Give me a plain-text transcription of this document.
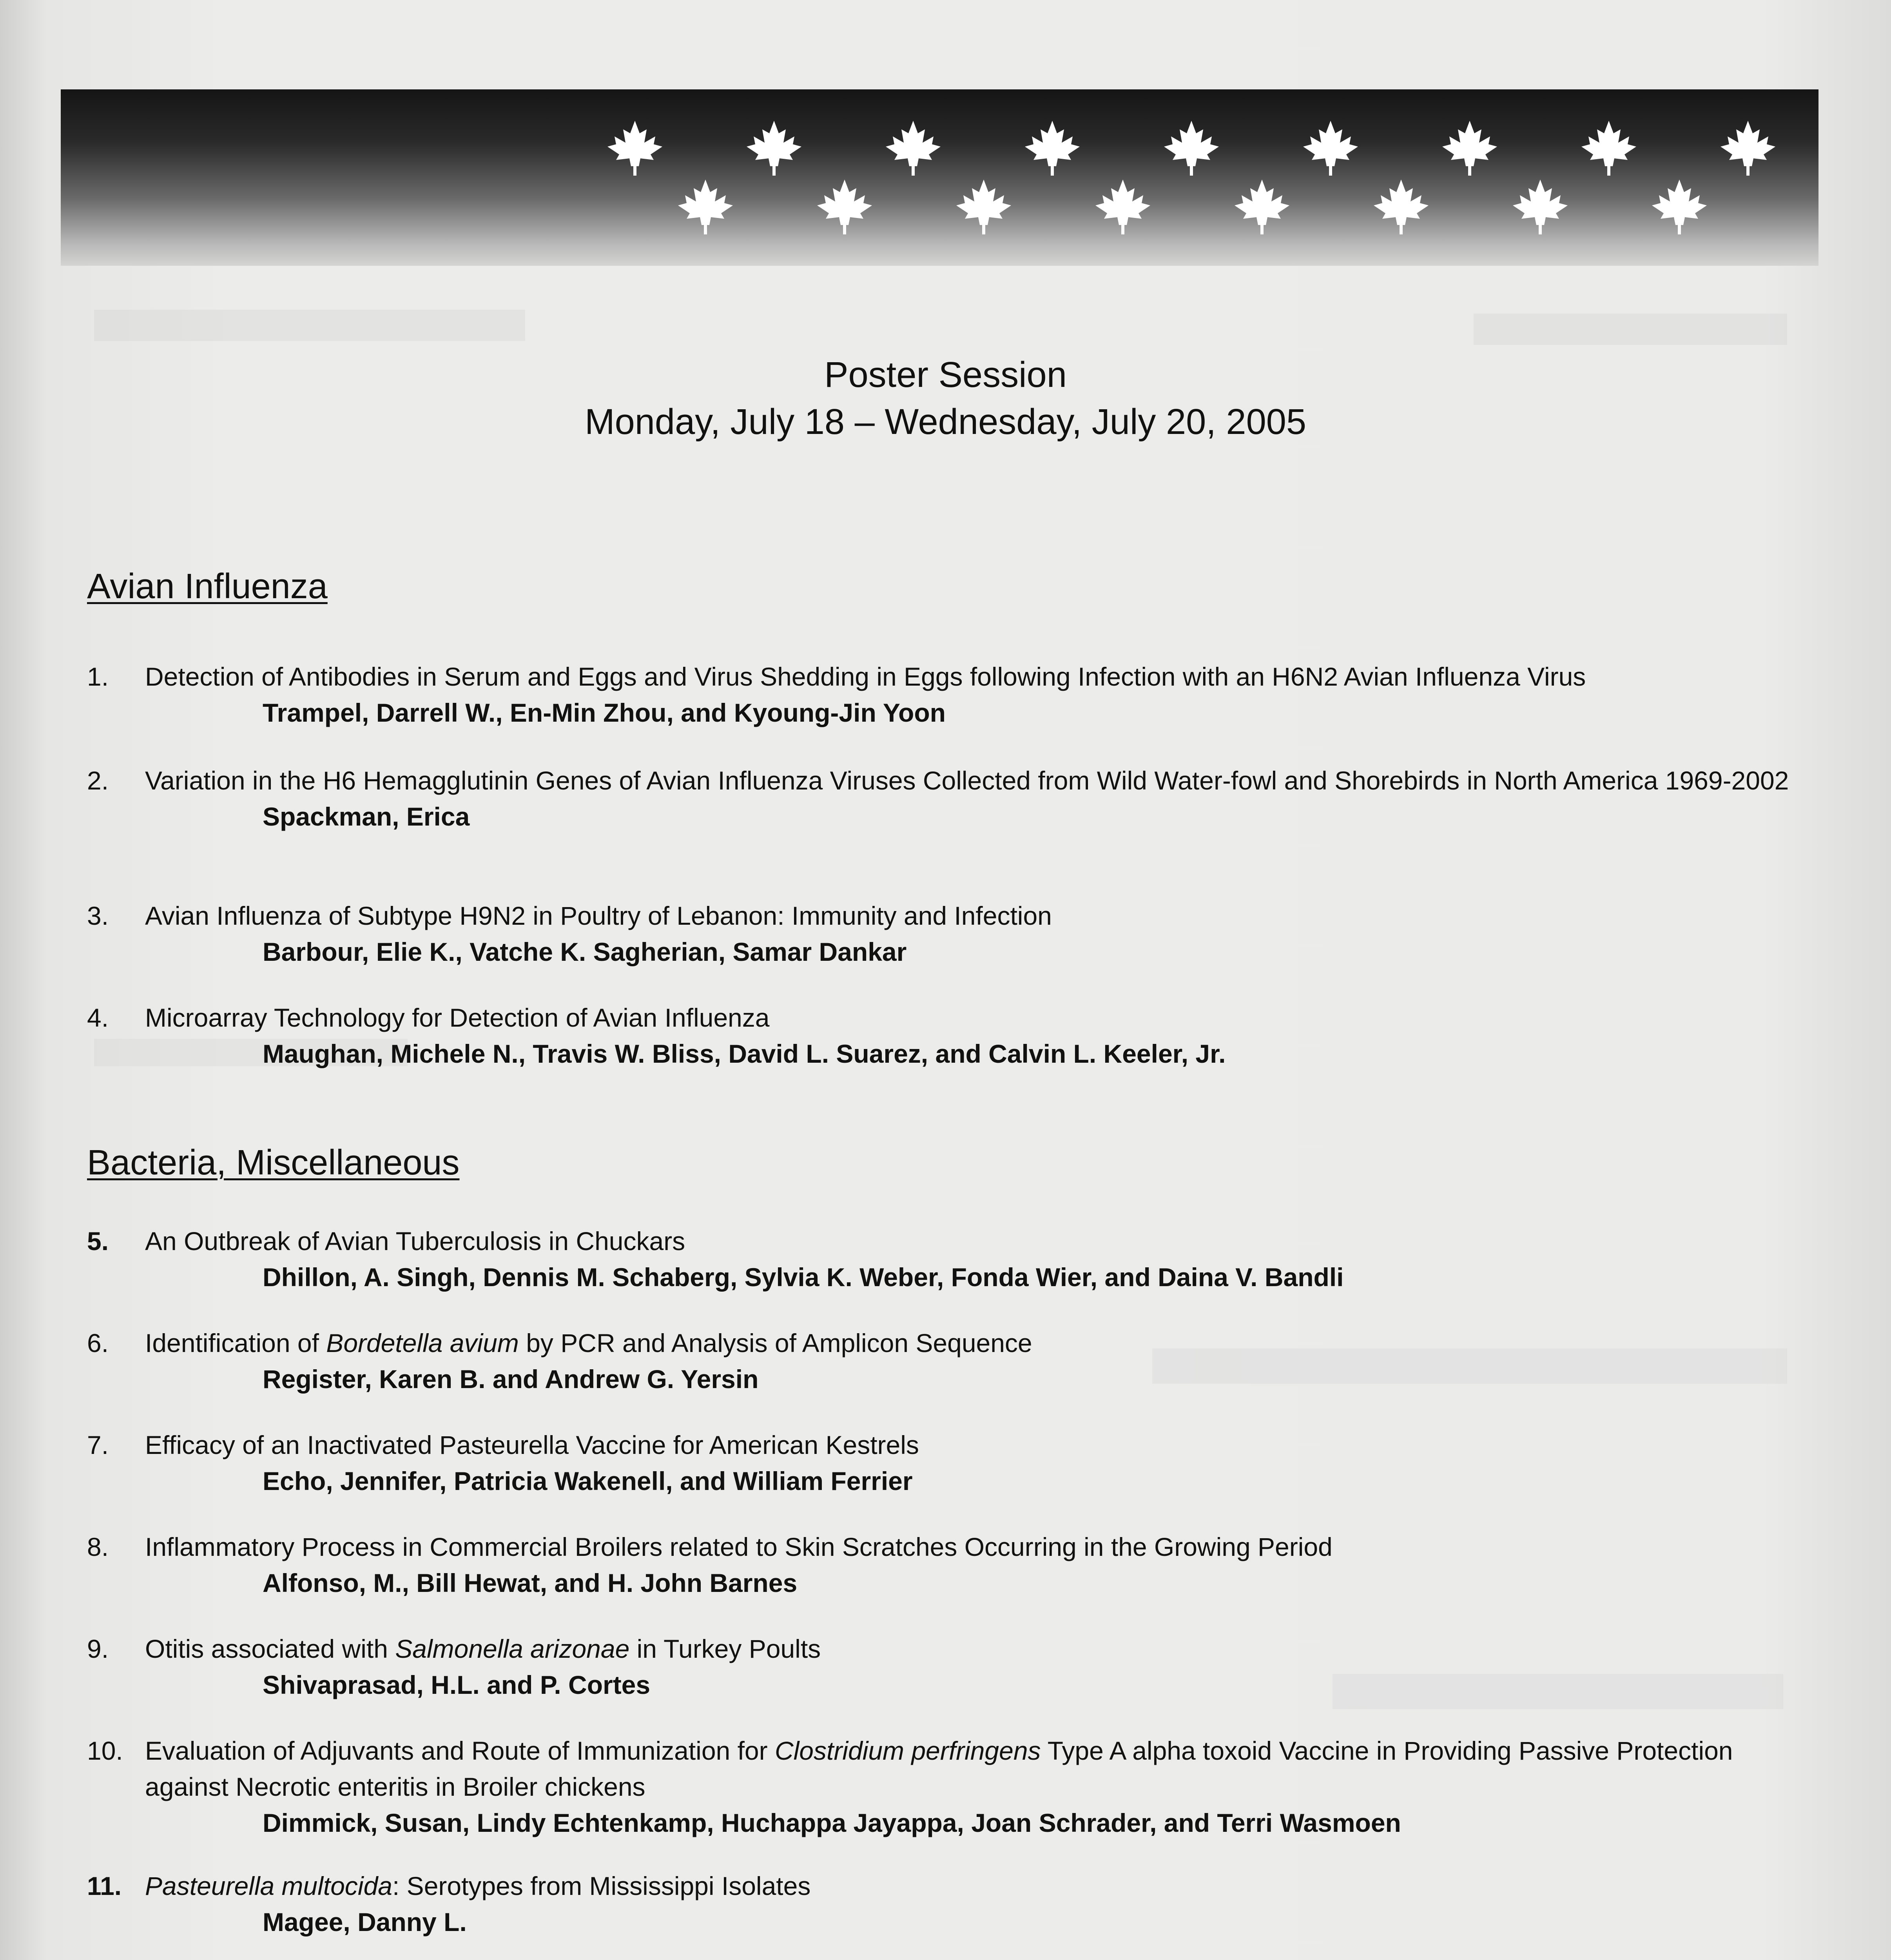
Poster Session
Monday, July 18 – Wednesday, July 20, 2005
Avian Influenza
1.	Detection of Antibodies in Serum and Eggs and Virus Shedding in Eggs following Infection with an H6N2 Avian Influenza Virus
Trampel, Darrell W., En-Min Zhou, and Kyoung-Jin Yoon
2.	Variation in the H6 Hemagglutinin Genes of Avian Influenza Viruses Collected from Wild Water-fowl and Shorebirds in North America 1969-2002
Spackman, Erica
3.	Avian Influenza of Subtype H9N2 in Poultry of Lebanon: Immunity and Infection
Barbour, Elie K., Vatche K. Sagherian, Samar Dankar
4.	Microarray Technology for Detection of Avian Influenza
Maughan, Michele N., Travis W. Bliss, David L. Suarez, and Calvin L. Keeler, Jr.
Bacteria, Miscellaneous
5.	An Outbreak of Avian Tuberculosis in Chuckars
Dhillon, A. Singh, Dennis M. Schaberg, Sylvia K. Weber, Fonda Wier, and Daina V. Bandli
6.	Identification of Bordetella avium by PCR and Analysis of Amplicon Sequence
Register, Karen B. and Andrew G. Yersin
7.	Efficacy of an Inactivated Pasteurella Vaccine for American Kestrels
Echo, Jennifer, Patricia Wakenell, and William Ferrier
8.	Inflammatory Process in Commercial Broilers related to Skin Scratches Occurring in the Growing Period
Alfonso, M., Bill Hewat, and H. John Barnes
9.	Otitis associated with Salmonella arizonae in Turkey Poults
Shivaprasad, H.L. and P. Cortes
10. Evaluation of Adjuvants and Route of Immunization for Clostridium perfringens Type A alpha toxoid Vaccine in Providing Passive Protection against Necrotic enteritis in Broiler chickens
Dimmick, Susan, Lindy Echtenkamp, Huchappa Jayappa, Joan Schrader, and Terri Wasmoen
11. Pasteurella multocida: Serotypes from Mississippi Isolates
Magee, Danny L.
